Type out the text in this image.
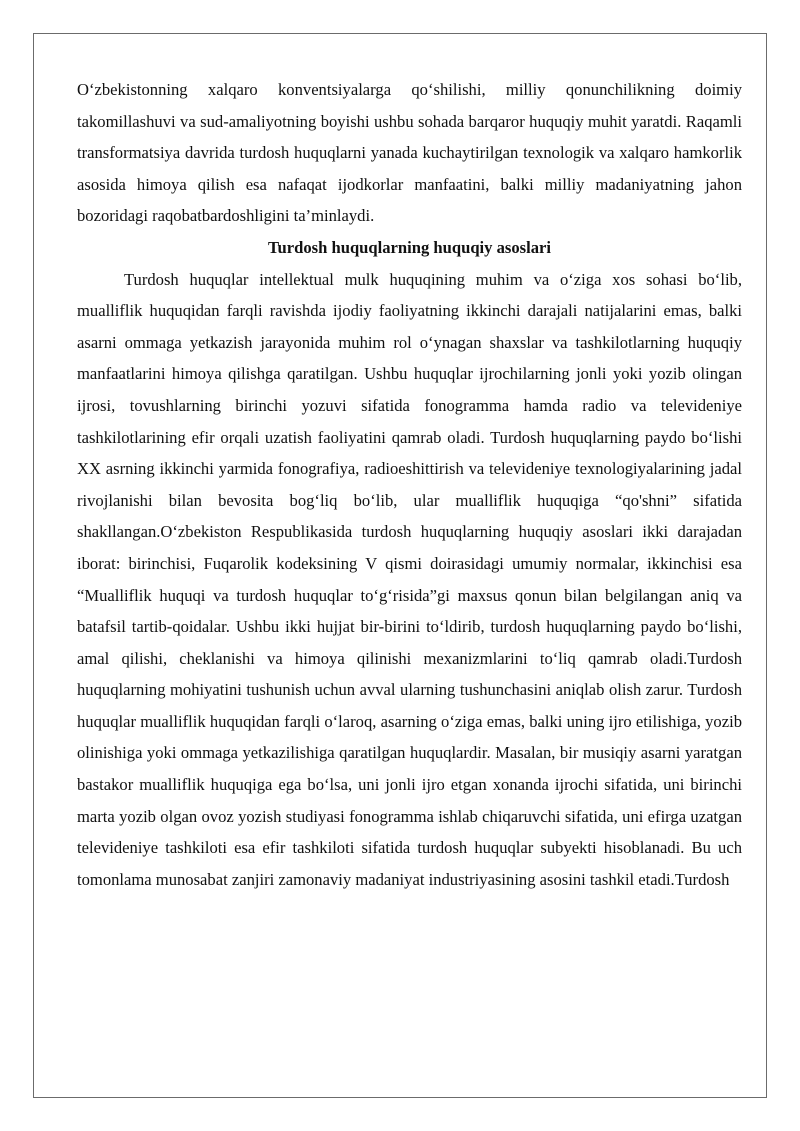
O‘zbekistonning xalqaro konventsiyalarga qo‘shilishi, milliy qonunchilikning doimiy takomillashuvi va sud-amaliyotning boyishi ushbu sohada barqaror huquqiy muhit yaratdi. Raqamli transformatsiya davrida turdosh huquqlarni yanada kuchaytirilgan texnologik va xalqaro hamkorlik asosida himoya qilish esa nafaqat ijodkorlar manfaatini, balki milliy madaniyatning jahon bozoridagi raqobatbardoshligini ta’minlaydi.

Turdosh huquqlarning huquqiy asoslari

Turdosh huquqlar intellektual mulk huquqining muhim va o‘ziga xos sohasi bo‘lib, mualliflik huquqidan farqli ravishda ijodiy faoliyatning ikkinchi darajali natijalarini emas, balki asarni ommaga yetkazish jarayonida muhim rol o‘ynagan shaxslar va tashkilotlarning huquqiy manfaatlarini himoya qilishga qaratilgan. Ushbu huquqlar ijrochilarning jonli yoki yozib olingan ijrosi, tovushlarning birinchi yozuvi sifatida fonogramma hamda radio va televideniye tashkilotlarining efir orqali uzatish faoliyatini qamrab oladi. Turdosh huquqlarning paydo bo‘lishi XX asrning ikkinchi yarmida fonografiya, radioeshittirish va televideniye texnologiyalarining jadal rivojlanishi bilan bevosita bog‘liq bo‘lib, ular mualliflik huquqiga “qo'shni” sifatida shakllangan.O‘zbekiston Respublikasida turdosh huquqlarning huquqiy asoslari ikki darajadan iborat: birinchisi, Fuqarolik kodeksining V qismi doirasidagi umumiy normalar, ikkinchisi esa “Mualliflik huquqi va turdosh huquqlar to‘g‘risida”gi maxsus qonun bilan belgilangan aniq va batafsil tartib-qoidalar. Ushbu ikki hujjat bir-birini to‘ldirib, turdosh huquqlarning paydo bo‘lishi, amal qilishi, cheklanishi va himoya qilinishi mexanizmlarini to‘liq qamrab oladi.Turdosh huquqlarning mohiyatini tushunish uchun avval ularning tushunchasini aniqlab olish zarur. Turdosh huquqlar mualliflik huquqidan farqli o‘laroq, asarning o‘ziga emas, balki uning ijro etilishiga, yozib olinishiga yoki ommaga yetkazilishiga qaratilgan huquqlardir. Masalan, bir musiqiy asarni yaratgan bastakor mualliflik huquqiga ega bo‘lsa, uni jonli ijro etgan xonanda ijrochi sifatida, uni birinchi marta yozib olgan ovoz yozish studiyasi fonogramma ishlab chiqaruvchi sifatida, uni efirga uzatgan televideniye tashkiloti esa efir tashkiloti sifatida turdosh huquqlar subyekti hisoblanadi. Bu uch tomonlama munosabat zanjiri zamonaviy madaniyat industriyasining asosini tashkil etadi.Turdosh
